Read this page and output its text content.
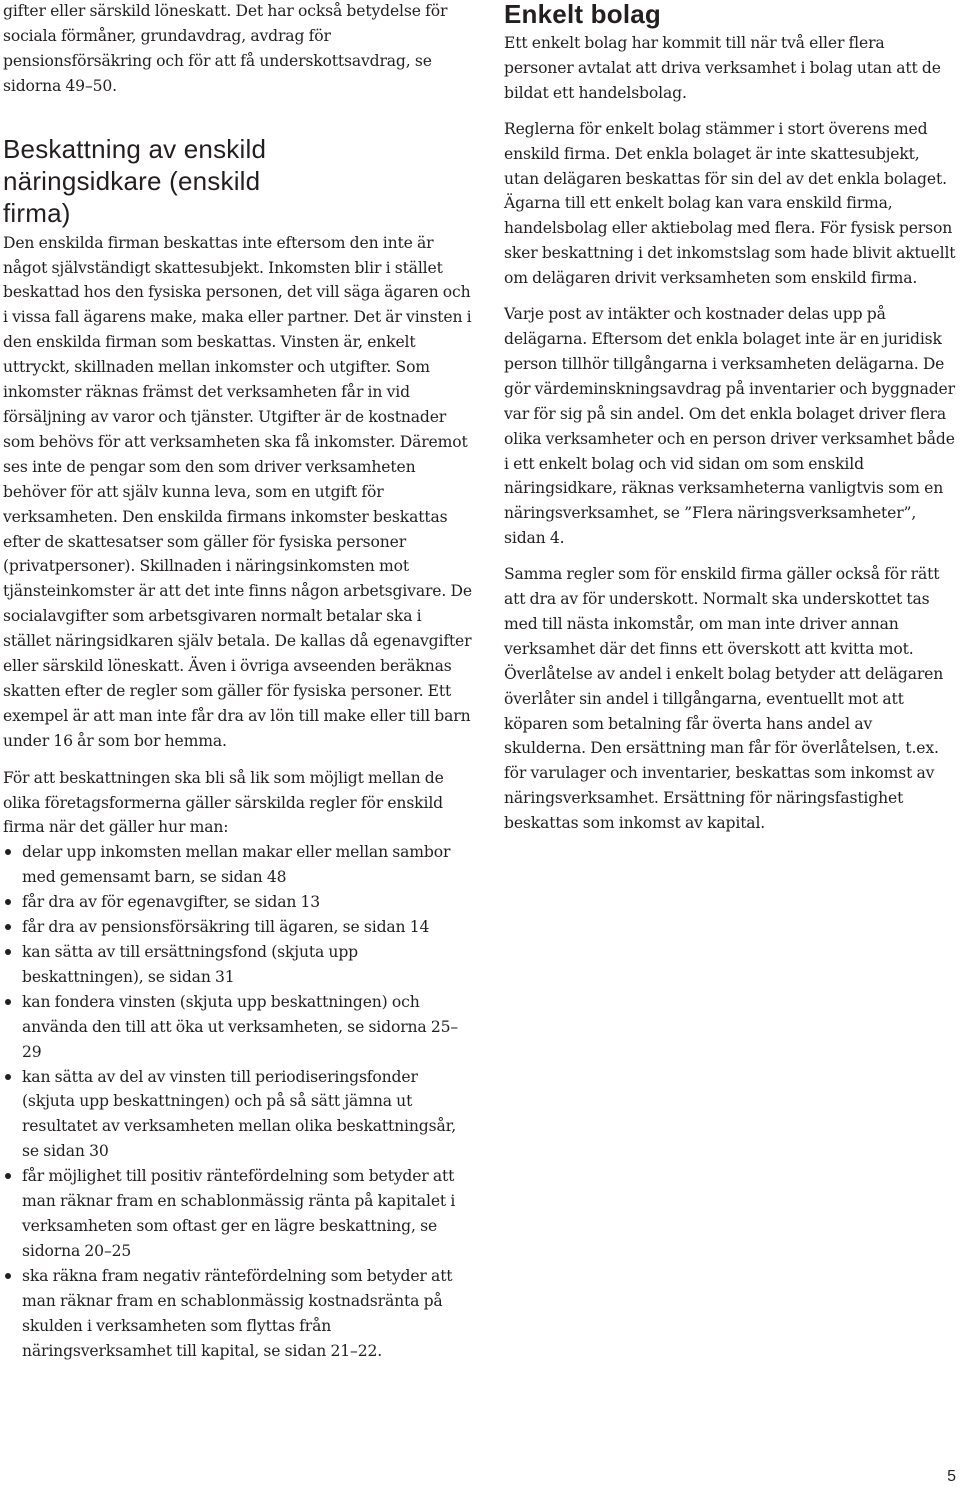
gifter eller särskild löneskatt. Det har också betydelse för sociala förmåner, grundavdrag, avdrag för pensionsförsäkring och för att få underskottsavdrag, se sidorna 49–50.

Beskattning av enskild näringsidkare (enskild firma)

Den enskilda firman beskattas inte eftersom den inte är något självständigt skattesubjekt. Inkomsten blir i stället beskattad hos den fysiska personen, det vill säga ägaren och i vissa fall ägarens make, maka eller partner. Det är vinsten i den enskilda firman som beskattas. Vinsten är, enkelt uttryckt, skillnaden mellan inkomster och utgifter. Som inkomster räknas främst det verksamheten får in vid försäljning av varor och tjänster. Utgifter är de kostnader som behövs för att verksamheten ska få inkomster. Däremot ses inte de pengar som den som driver verksamheten behöver för att själv kunna leva, som en utgift för verksamheten. Den enskilda firmans inkomster beskattas efter de skattesatser som gäller för fysiska personer (privatpersoner). Skillnaden i näringsinkomsten mot tjänsteinkomster är att det inte finns någon arbetsgivare. De socialavgifter som arbetsgivaren normalt betalar ska i stället näringsidkaren själv betala. De kallas då egenavgifter eller särskild löneskatt. Även i övriga avseenden beräknas skatten efter de regler som gäller för fysiska personer. Ett exempel är att man inte får dra av lön till make eller till barn under 16 år som bor hemma.

För att beskattningen ska bli så lik som möjligt mellan de olika företagsformerna gäller särskilda regler för enskild firma när det gäller hur man:

delar upp inkomsten mellan makar eller mellan sambor med gemensamt barn, se sidan 48
får dra av för egenavgifter, se sidan 13
får dra av pensionsförsäkring till ägaren, se sidan 14
kan sätta av till ersättningsfond (skjuta upp beskattningen), se sidan 31
kan fondera vinsten (skjuta upp beskattningen) och använda den till att öka ut verksamheten, se sidorna 25–29
kan sätta av del av vinsten till periodiseringsfonder (skjuta upp beskattningen) och på så sätt jämna ut resultatet av verksamheten mellan olika beskattningsår, se sidan 30
får möjlighet till positiv räntefördelning som betyder att man räknar fram en schablonmässig ränta på kapitalet i verksamheten som oftast ger en lägre beskattning, se sidorna 20–25
ska räkna fram negativ räntefördelning som betyder att man räknar fram en schablonmässig kostnadsränta på skulden i verksamheten som flyttas från näringsverksamhet till kapital, se sidan 21–22.
Enkelt bolag

Ett enkelt bolag har kommit till när två eller flera personer avtalat att driva verksamhet i bolag utan att de bildat ett handelsbolag.

Reglerna för enkelt bolag stämmer i stort överens med enskild firma. Det enkla bolaget är inte skattesubjekt, utan delägaren beskattas för sin del av det enkla bolaget. Ägarna till ett enkelt bolag kan vara enskild firma, handelsbolag eller aktiebolag med flera. För fysisk person sker beskattning i det inkomstslag som hade blivit aktuellt om delägaren drivit verksamheten som enskild firma.

Varje post av intäkter och kostnader delas upp på delägarna. Eftersom det enkla bolaget inte är en juridisk person tillhör tillgångarna i verksamheten delägarna. De gör värdeminskningsavdrag på inventarier och byggnader var för sig på sin andel. Om det enkla bolaget driver flera olika verksamheter och en person driver verksamhet både i ett enkelt bolag och vid sidan om som enskild näringsidkare, räknas verksamheterna vanligtvis som en näringsverksamhet, se ”Flera näringsverksamheter”, sidan 4.

Samma regler som för enskild firma gäller också för rätt att dra av för underskott. Normalt ska underskottet tas med till nästa inkomstår, om man inte driver annan verksamhet där det finns ett överskott att kvitta mot. Överlåtelse av andel i enkelt bolag betyder att delägaren överlåter sin andel i tillgångarna, eventuellt mot att köparen som betalning får överta hans andel av skulderna. Den ersättning man får för överlåtelsen, t.ex. för varulager och inventarier, beskattas som inkomst av näringsverksamhet. Ersättning för näringsfastighet beskattas som inkomst av kapital.

5
